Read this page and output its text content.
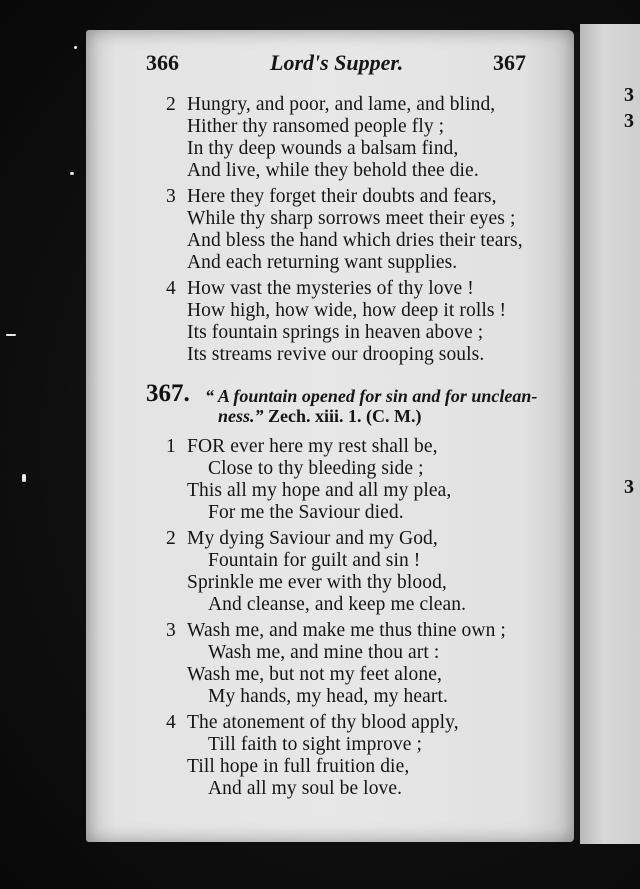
3
3
3
366	Lord's Supper.	367
2 Hungry, and poor, and lame, and blind,
Hither thy ransomed people fly ;
In thy deep wounds a balsam find,
And live, while they behold thee die.
3 Here they forget their doubts and fears,
While thy sharp sorrows meet their eyes ;
And bless the hand which dries their tears,
And each returning want supplies.
4 How vast the mysteries of thy love !
How high, how wide, how deep it rolls !
Its fountain springs in heaven above ;
Its streams revive our drooping souls.
367. “ A fountain opened for sin and for unclean-
ness.” Zech. xiii. 1. (C. M.)
1 FOR ever here my rest shall be,
Close to thy bleeding side ;
This all my hope and all my plea,
For me the Saviour died.
2 My dying Saviour and my God,
Fountain for guilt and sin !
Sprinkle me ever with thy blood,
And cleanse, and keep me clean.
3 Wash me, and make me thus thine own ;
Wash me, and mine thou art :
Wash me, but not my feet alone,
My hands, my head, my heart.
4 The atonement of thy blood apply,
Till faith to sight improve ;
Till hope in full fruition die,
And all my soul be love.
